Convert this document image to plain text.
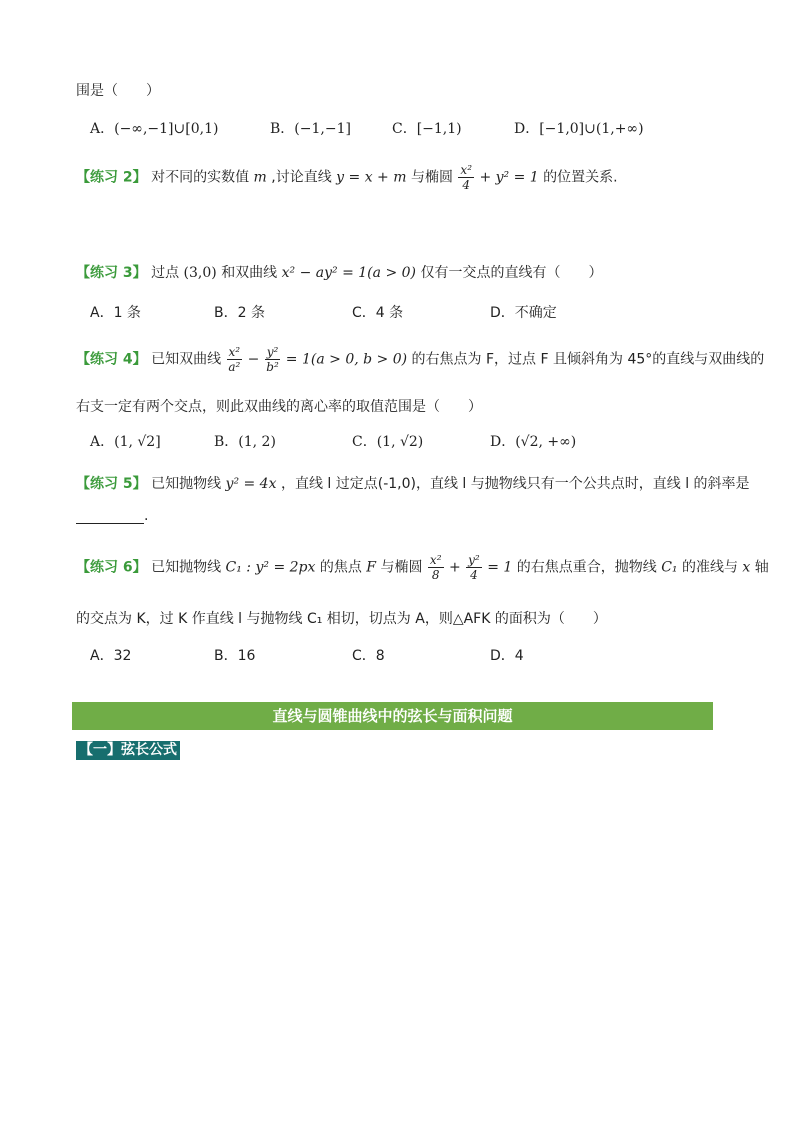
围是（　　）
A．(−∞,−1]∪[0,1)	B．(−1,−1]	C．[−1,1)	D．[−1,0]∪(1,+∞)
【练习 2】 对不同的实数值 m ,讨论直线 y = x + m 与椭圆 $\frac{\text{x²}}{4} + y^2 = 1$ 的位置关系.
【练习 3】 过点 (3,0) 和双曲线 x² − ay² = 1(a > 0) 仅有一交点的直线有（　　）
A．1 条	B．2 条	C．4 条	D．不确定
【练习 4】 已知双曲线 $\frac{\text{x²}}{\text{a²}} - \frac{\text{y²}}{\text{b²}} = 1(a > 0$, b > 0) 的右焦点为 F，过点 F 且倾斜角为 45°的直线与双曲线的
右支一定有两个交点，则此双曲线的离心率的取值范围是（　　）
A．(1, √2]	B．(1, 2)	C．(1, √2)	D．(√2, +∞)
【练习 5】 已知抛物线 y² = 4x ，直线 l 过定点(-1,0)，直线 l 与抛物线只有一个公共点时，直线 l 的斜率是
.
【练习 6】 已知抛物线 C₁ : y² = 2px 的焦点 F 与椭圆 $\frac{\text{x²}}{8} + \frac{\text{y²}}{4} = 1$ 的右焦点重合，抛物线 C₁ 的准线与 x 轴
的交点为 K，过 K 作直线 l 与抛物线 C₁ 相切，切点为 A，则△AFK 的面积为（　　）
A．32	B．16	C．8	D．4
直线与圆锥曲线中的弦长与面积问题
【一】弦长公式
